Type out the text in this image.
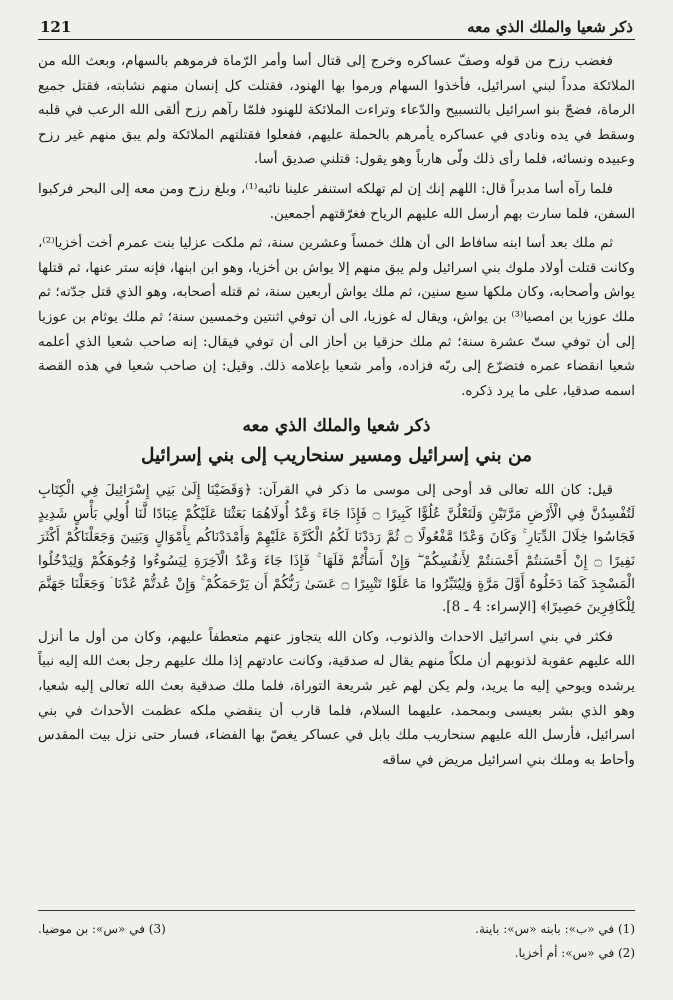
121	ذكر شعيا والملك الذي معه

فغضب رزح من قوله وصفّ عساكره وخرج إلى قتال أسا وأمر الرّماة فرموهم بالسهام، وبعث الله من الملائكة مدداً لبني اسرائيل، فأخذوا السهام ورموا بها الهنود، فقتلت كل إنسان منهم نشابته، فقتل جميع الرماة، فضجّ بنو اسرائيل بالتسبيح والدّعاء وتراءت الملائكة للهنود فلمّا رآهم رزح ألقى الله الرعب في قلبه وسقط في يده ونادى في عساكره يأمرهم بالحملة عليهم، ففعلوا فقتلتهم الملائكة ولم يبق منهم غير رزح وعبيده ونسائه، فلما رأى ذلك ولّى هارباً وهو يقول: قتلني صديق أسا.

فلما رآه أسا مدبراً قال: اللهم إنك إن لم تهلكه استنفر علينا نائبه⁽¹⁾، وبلغ رزح ومن معه إلى البحر فركبوا السفن، فلما سارت بهم أرسل الله عليهم الرياح فغرّقتهم أجمعين.

ثم ملك بعد أسا ابنه سافاط الى أن هلك خمساً وعشرين سنة، ثم ملكت عزليا بنت عمرم أخت أخزيا⁽²⁾، وكانت قتلت أولاد ملوك بني اسرائيل ولم يبق منهم إلا يواش بن أخزيا، وهو ابن ابنها، فإنه ستر عنها، ثم قتلها يواش وأصحابه، وكان ملكها سبع سنين، ثم ملك يواش أربعين سنة، ثم قتله أصحابه، وهو الذي قتل جدّته؛ ثم ملك عوزيا بن امصيا⁽³⁾ بن يواش، ويقال له غوزيا، الى أن توفي اثنتين وخمسين سنة؛ ثم ملك يوثام بن عوزيا إلى أن توفي ستّ عشرة سنة؛ ثم ملك حزقيا بن أحاز الى أن توفي فيقال: إنه صاحب شعيا الذي أعلمه شعيا انقضاء عمره فتضرّع إلى ربّه فزاده، وأمر شعيا بإعلامه ذلك. وقيل: إن صاحب شعيا في هذه القصة اسمه صدقيا، على ما يرد ذكره.

ذكر شعيا والملك الذي معه
من بني إسرائيل ومسير سنحاريب إلى بني إسرائيل

قيل: كان الله تعالى قد أوحى إلى موسى ما ذكر في القرآن: ﴿وَقَضَيْنَا إِلَىٰ بَنِي إِسْرَائِيلَ فِي الْكِتَابِ لَتُفْسِدُنَّ فِي الْأَرْضِ مَرَّتَيْنِ وَلَتَعْلُنَّ عُلُوًّا كَبِيرًا ۝ فَإِذَا جَاءَ وَعْدُ أُولَاهُمَا بَعَثْنَا عَلَيْكُمْ عِبَادًا لَّنَا أُولِي بَأْسٍ شَدِيدٍ فَجَاسُوا خِلَالَ الدِّيَارِ ۚ وَكَانَ وَعْدًا مَّفْعُولًا ۝ ثُمَّ رَدَدْنَا لَكُمُ الْكَرَّةَ عَلَيْهِمْ وَأَمْدَدْنَاكُم بِأَمْوَالٍ وَبَنِينَ وَجَعَلْنَاكُمْ أَكْثَرَ نَفِيرًا ۝ إِنْ أَحْسَنتُمْ أَحْسَنتُمْ لِأَنفُسِكُمْ ۖ وَإِنْ أَسَأْتُمْ فَلَهَا ۚ فَإِذَا جَاءَ وَعْدُ الْآخِرَةِ لِيَسُوءُوا وُجُوهَكُمْ وَلِيَدْخُلُوا الْمَسْجِدَ كَمَا دَخَلُوهُ أَوَّلَ مَرَّةٍ وَلِيُتَبِّرُوا مَا عَلَوْا تَتْبِيرًا ۝ عَسَىٰ رَبُّكُمْ أَن يَرْحَمَكُمْ ۚ وَإِنْ عُدتُّمْ عُدْنَا ۘ وَجَعَلْنَا جَهَنَّمَ لِلْكَافِرِينَ حَصِيرًا﴾ [الإسراء: 4 ـ 8].

فكثر في بني اسرائيل الاحداث والذنوب، وكان الله يتجاوز عنهم متعطفاً عليهم، وكان من أول ما أنزل الله عليهم عقوبة لذنوبهم أن ملكاً منهم يقال له صدقية، وكانت عادتهم إذا ملك عليهم رجل بعث الله إليه نبياً يرشده ويوحي إليه ما يريد، ولم يكن لهم غير شريعة التوراة، فلما ملك صدقية بعث الله تعالى إليه شعيا، وهو الذي بشر بعيسى وبمحمد، عليهما السلام، فلما قارب أن ينقضي ملكه عظمت الأحداث في بني اسرائيل، فأرسل الله عليهم سنحاريب ملك بابل في عساكر يغصّ بها الفضاء، فسار حتى نزل بيت المقدس وأحاط به وملك بني اسرائيل مريض في ساقه

(1) في «ب»: بابنه «س»: باينة.
(3) في «س»: بن موضيا.
(2) في «س»: أم أخزيا.
